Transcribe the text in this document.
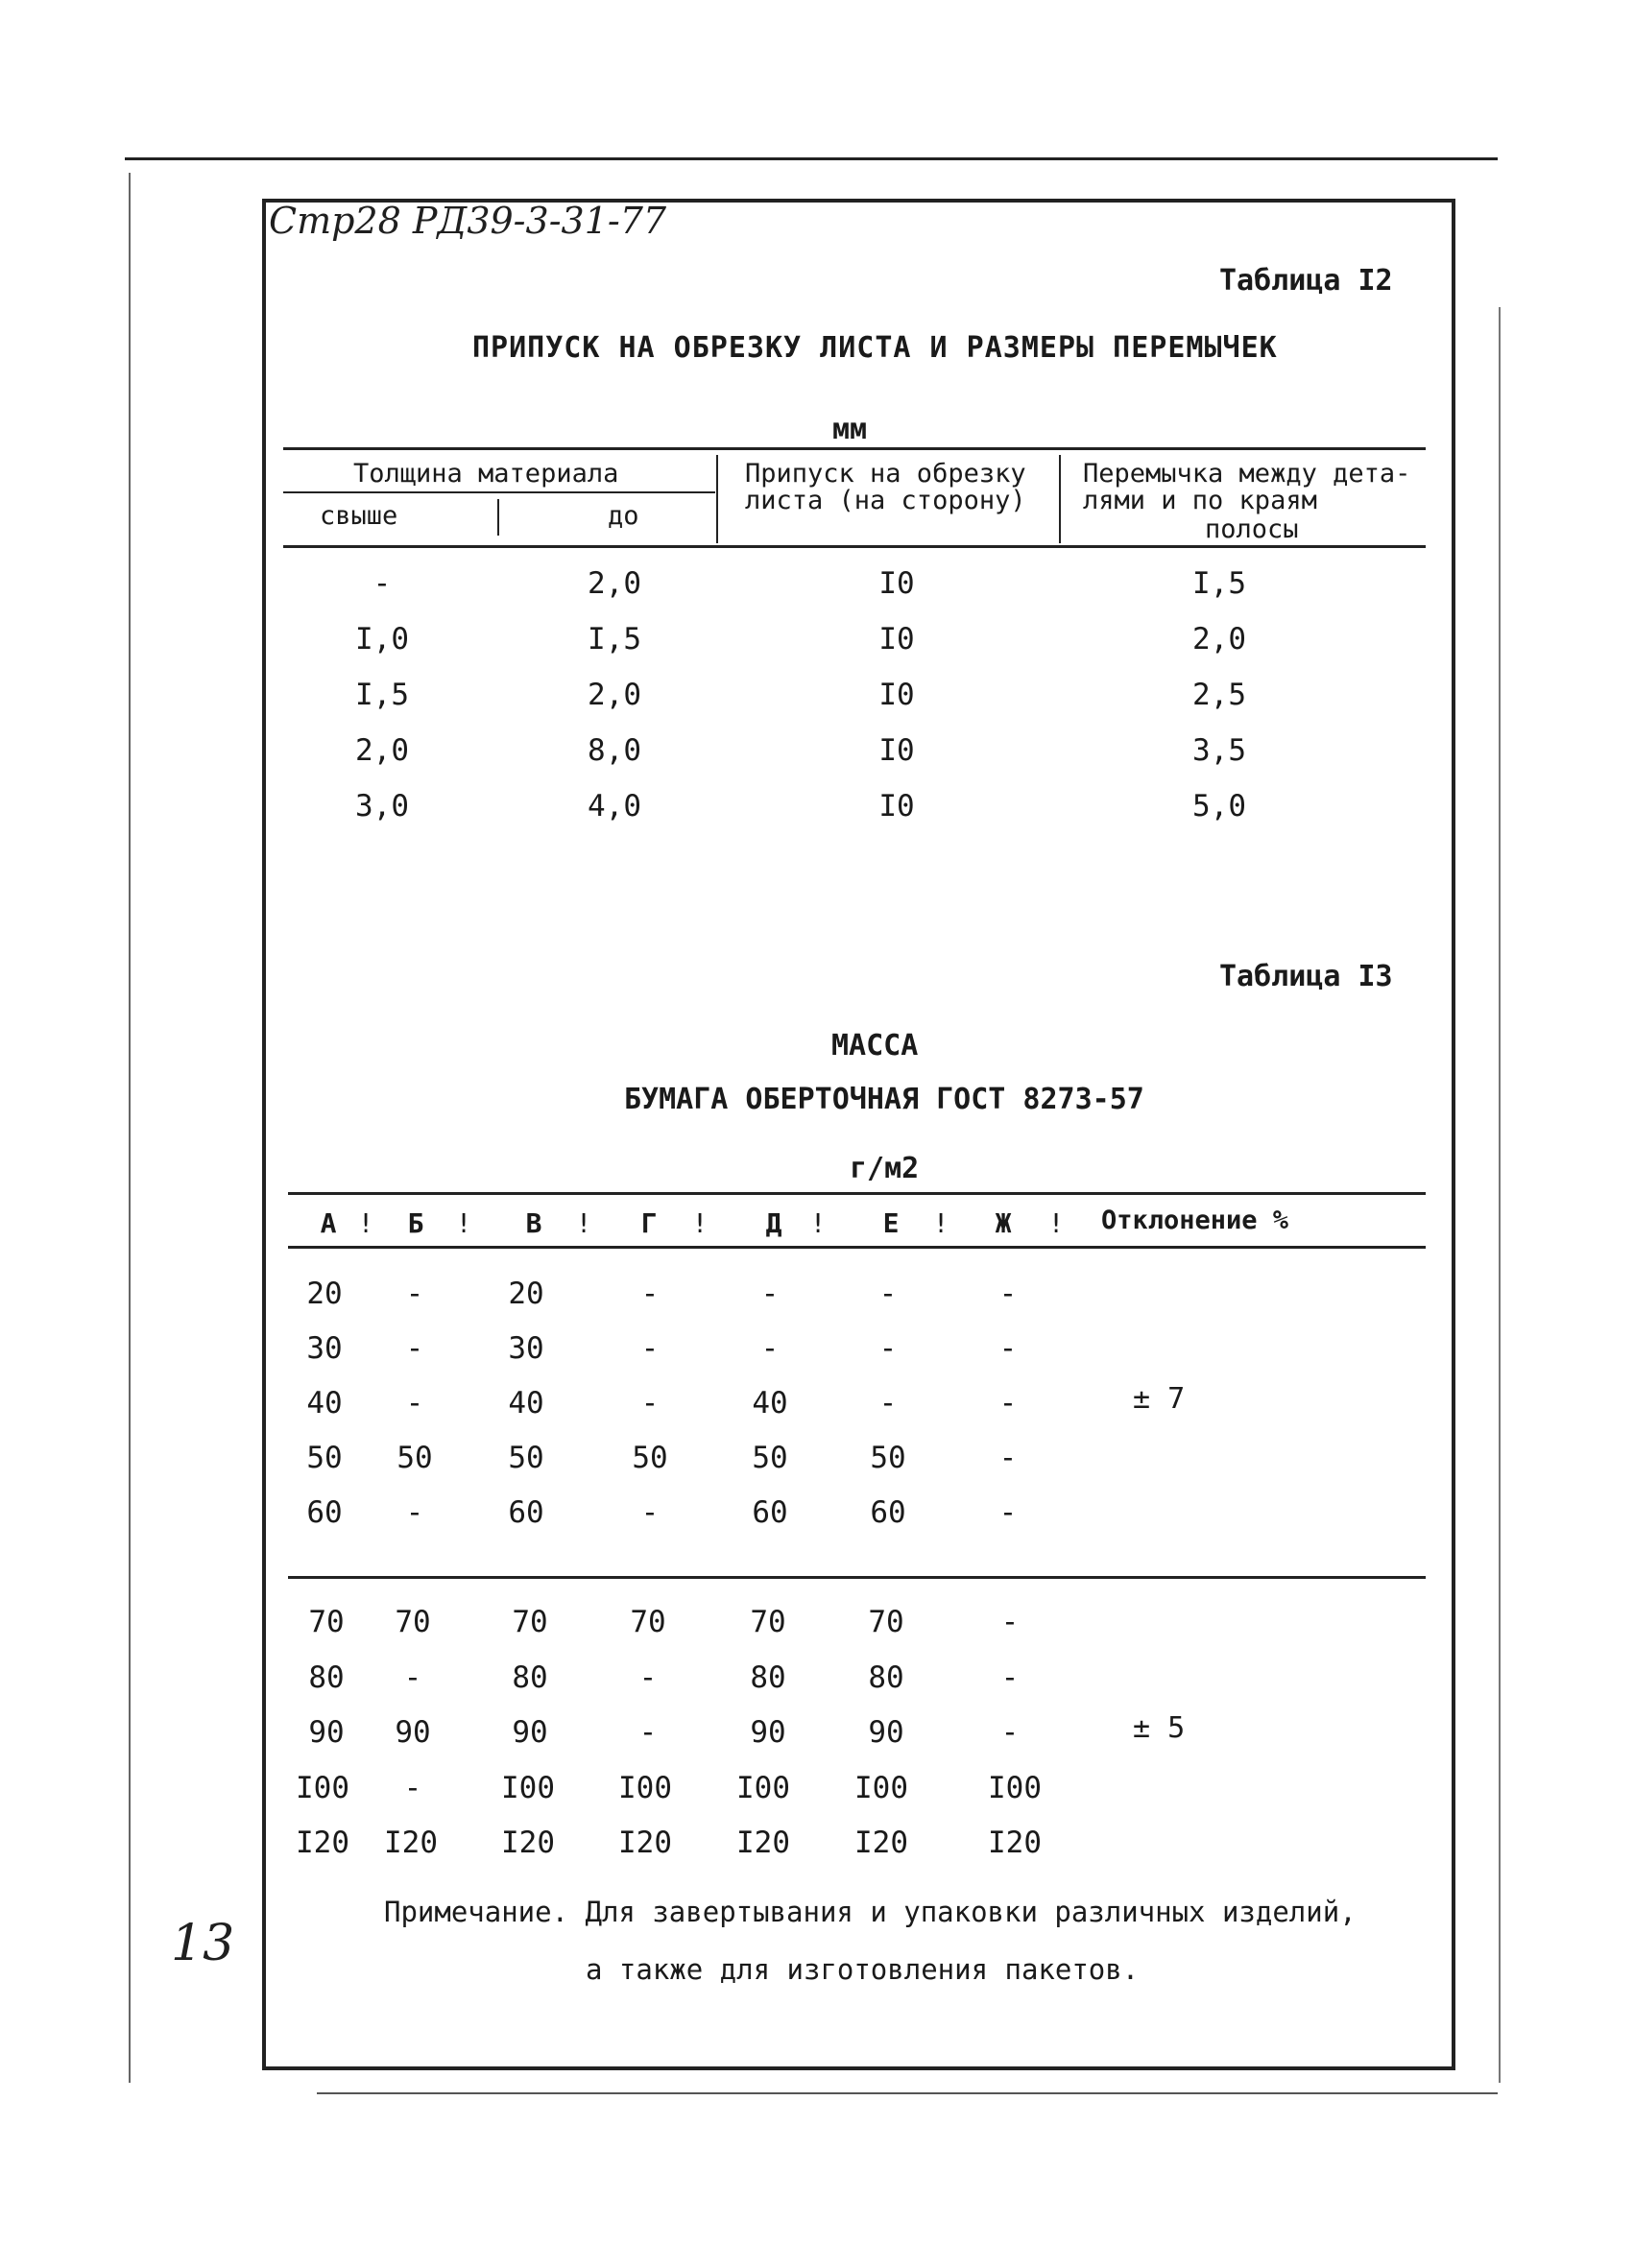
Стр28 РД39-3-31-77
Таблица I2
ПРИПУСК НА ОБРЕЗКУ ЛИСТА И РАЗМЕРЫ ПЕРЕМЫЧЕК
мм
Толщина материала
свыше	до
Припуск на обрезку
листа (на сторону)
Перемычка между дета-
лями и по краям
полосы
-	2,0	I0	I,5
I,0	I,5	I0	2,0
I,5	2,0	I0	2,5
2,0	8,0	I0	3,5
3,0	4,0	I0	5,0
Таблица I3
МАССА
БУМАГА ОБЕРТОЧНАЯ ГОСТ 8273-57
г/м2
А ! Б ! В ! Г ! Д ! Е ! Ж ! Отклонение %
20 -	20	-	-	-	-
30 -	30	-	-	-	-
40 -	40	-	40	-	-
50 50	50	50	50	50	-
60 -	60	-	60	60	-
± 7
70 70	70	70	70	70	-
80 -	80	-	80	80	-
90 90	90	-	90	90	-
I00 -	I00 I00 I00 I00	I00
I20 I20 I20 I20 I20 I20	I20
± 5
Примечание. Для завертывания и упаковки различных изделий,
а также для изготовления пакетов.
13
